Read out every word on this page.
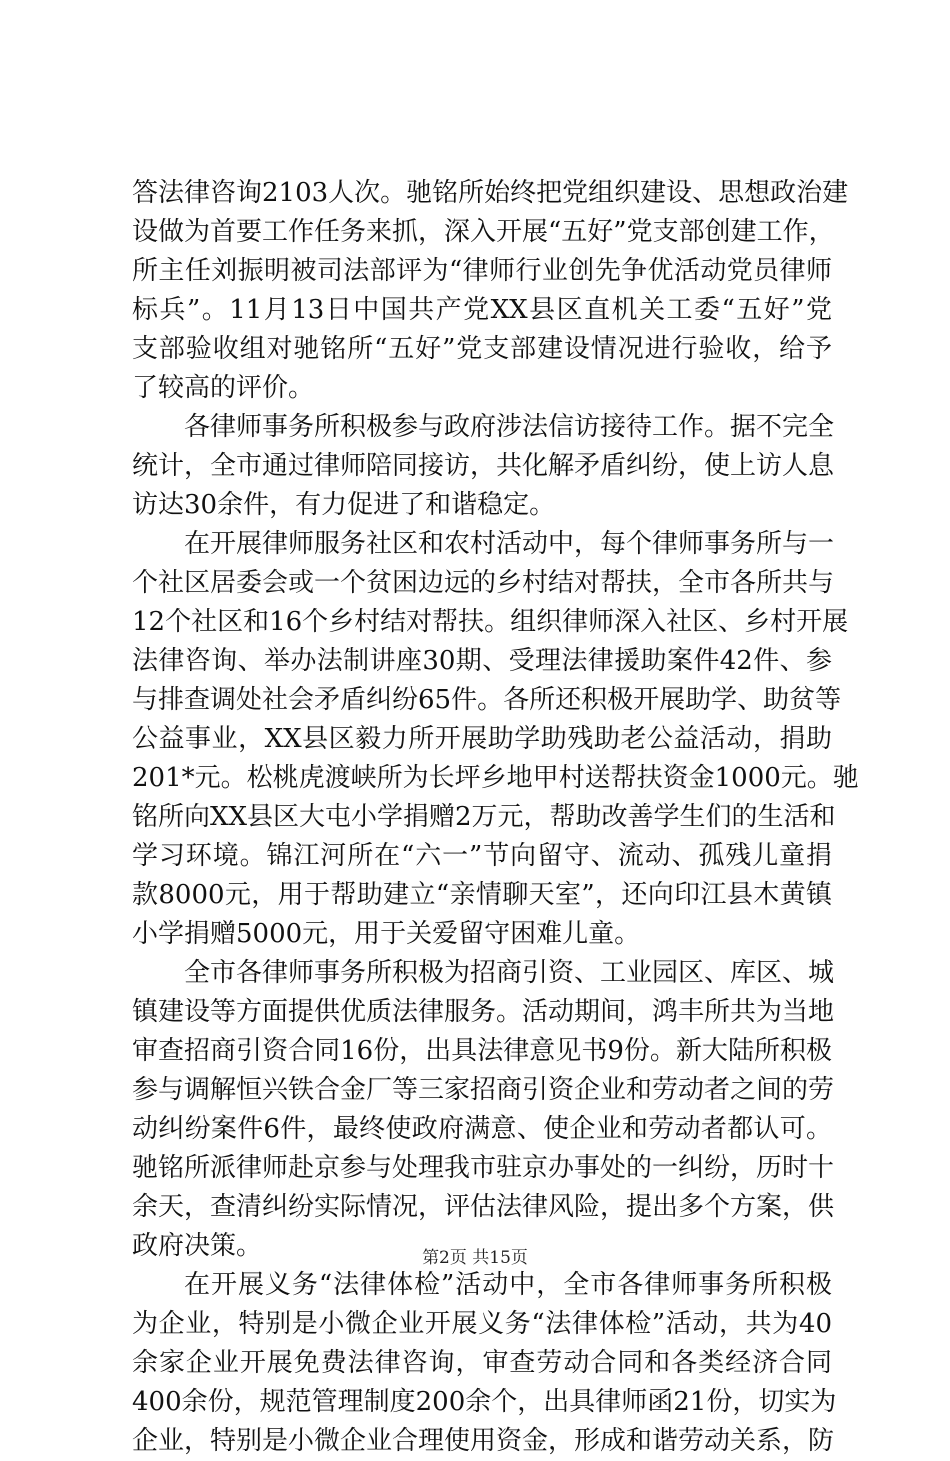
答法律咨询2103人次。驰铭所始终把党组织建设、思想政治建
设做为首要工作任务来抓，深入开展“五好”党支部创建工作，
所主任刘振明被司法部评为“律师行业创先争优活动党员律师
标兵”。11月13日中国共产党XX县区直机关工委“五好”党
支部验收组对驰铭所“五好”党支部建设情况进行验收，给予
了较高的评价。
各律师事务所积极参与政府涉法信访接待工作。据不完全
统计，全市通过律师陪同接访，共化解矛盾纠纷，使上访人息
访达30余件，有力促进了和谐稳定。
在开展律师服务社区和农村活动中，每个律师事务所与一
个社区居委会或一个贫困边远的乡村结对帮扶，全市各所共与
12个社区和16个乡村结对帮扶。组织律师深入社区、乡村开展
法律咨询、举办法制讲座30期、受理法律援助案件42件、参
与排查调处社会矛盾纠纷65件。各所还积极开展助学、助贫等
公益事业，XX县区毅力所开展助学助残助老公益活动，捐助
201*元。松桃虎渡峡所为长坪乡地甲村送帮扶资金1000元。驰
铭所向XX县区大屯小学捐赠2万元，帮助改善学生们的生活和
学习环境。锦江河所在“六一”节向留守、流动、孤残儿童捐
款8000元，用于帮助建立“亲情聊天室”，还向印江县木黄镇
小学捐赠5000元，用于关爱留守困难儿童。
全市各律师事务所积极为招商引资、工业园区、库区、城
镇建设等方面提供优质法律服务。活动期间，鸿丰所共为当地
审查招商引资合同16份，出具法律意见书9份。新大陆所积极
参与调解恒兴铁合金厂等三家招商引资企业和劳动者之间的劳
动纠纷案件6件，最终使政府满意、使企业和劳动者都认可。
驰铭所派律师赴京参与处理我市驻京办事处的一纠纷，历时十
余天，查清纠纷实际情况，评估法律风险，提出多个方案，供
政府决策。
在开展义务“法律体检”活动中，全市各律师事务所积极
为企业，特别是小微企业开展义务“法律体检”活动，共为40
余家企业开展免费法律咨询，审查劳动合同和各类经济合同
400余份，规范管理制度200余个，出具律师函21份，切实为
企业，特别是小微企业合理使用资金，形成和谐劳动关系，防
第2页 共15页
